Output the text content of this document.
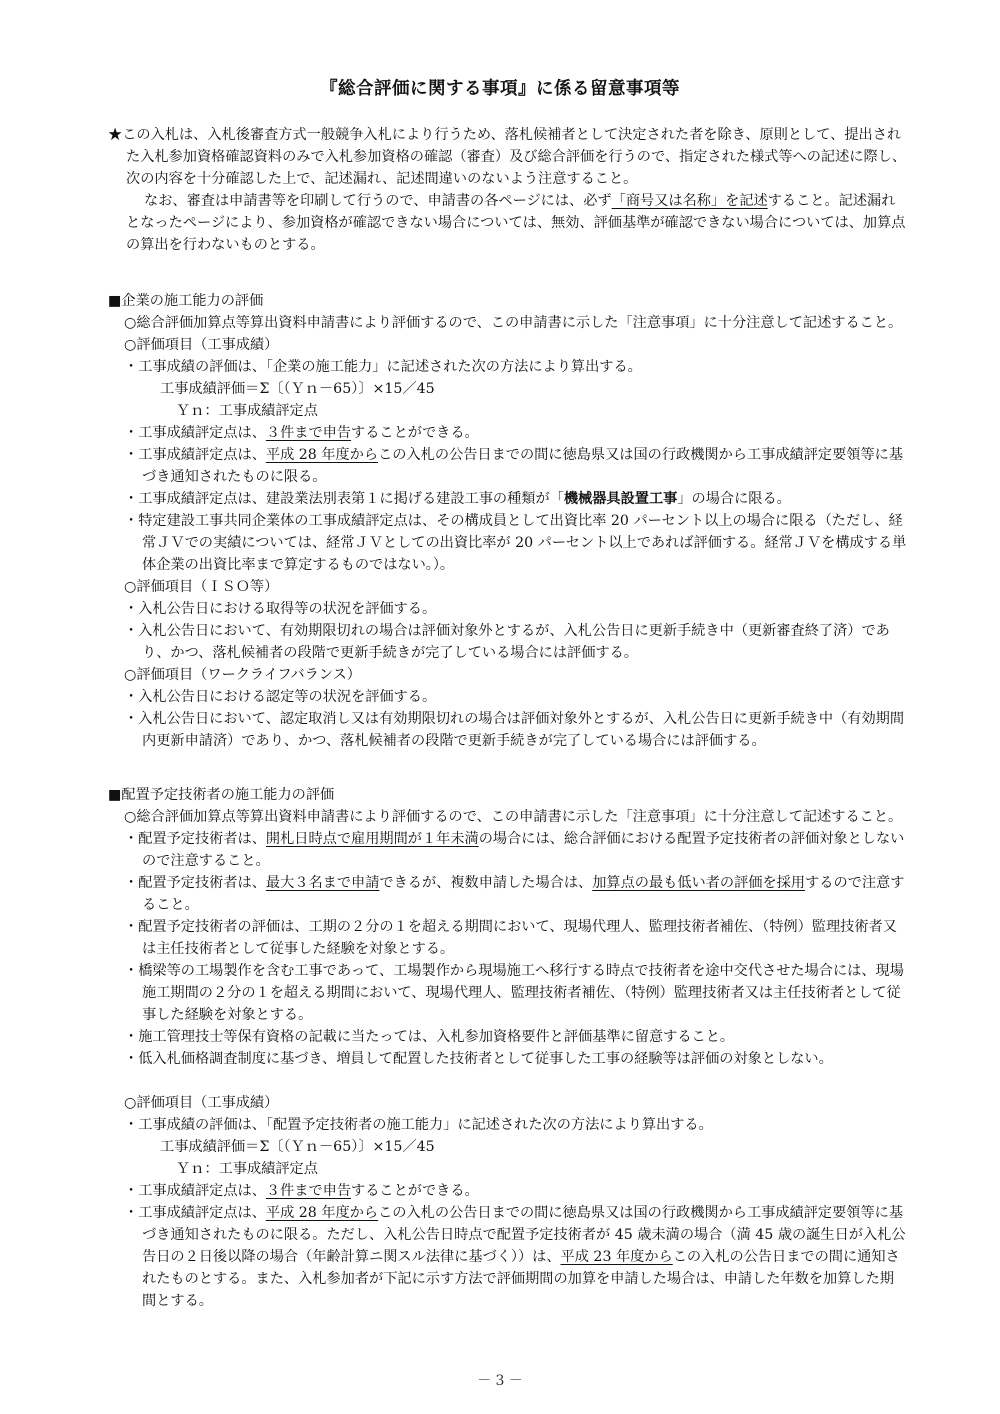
『総合評価に関する事項』に係る留意事項等

★この入札は、入札後審査方式一般競争入札により行うため、落札候補者として決定された者を除き、原則として、提出された入札参加資格確認資料のみで入札参加資格の確認（審査）及び総合評価を行うので、指定された様式等への記述に際し、次の内容を十分確認した上で、記述漏れ、記述間違いのないよう注意すること。

なお、審査は申請書等を印刷して行うので、申請書の各ページには、必ず「商号又は名称」を記述すること。記述漏れとなったページにより、参加資格が確認できない場合については、無効、評価基準が確認できない場合については、加算点の算出を行わないものとする。

■企業の施工能力の評価

○総合評価加算点等算出資料申請書により評価するので、この申請書に示した「注意事項」に十分注意して記述すること。

○評価項目（工事成績）

・工事成績の評価は、「企業の施工能力」に記述された次の方法により算出する。

工事成績評価＝Σ〔（Ｙｎ－65）〕×15／45

Ｙｎ：工事成績評定点

・工事成績評定点は、３件まで申告することができる。

・工事成績評定点は、平成 28 年度からこの入札の公告日までの間に徳島県又は国の行政機関から工事成績評定要領等に基づき通知されたものに限る。

・工事成績評定点は、建設業法別表第１に掲げる建設工事の種類が「機械器具設置工事」の場合に限る。

・特定建設工事共同企業体の工事成績評定点は、その構成員として出資比率 20 パーセント以上の場合に限る（ただし、経常ＪＶでの実績については、経常ＪＶとしての出資比率が 20 パーセント以上であれば評価する。経常ＪＶを構成する単体企業の出資比率まで算定するものではない。）。

○評価項目（ＩＳＯ等）

・入札公告日における取得等の状況を評価する。

・入札公告日において、有効期限切れの場合は評価対象外とするが、入札公告日に更新手続き中（更新審査終了済）であり、かつ、落札候補者の段階で更新手続きが完了している場合には評価する。

○評価項目（ワークライフバランス）

・入札公告日における認定等の状況を評価する。

・入札公告日において、認定取消し又は有効期限切れの場合は評価対象外とするが、入札公告日に更新手続き中（有効期間内更新申請済）であり、かつ、落札候補者の段階で更新手続きが完了している場合には評価する。

■配置予定技術者の施工能力の評価

○総合評価加算点等算出資料申請書により評価するので、この申請書に示した「注意事項」に十分注意して記述すること。

・配置予定技術者は、開札日時点で雇用期間が１年未満の場合には、総合評価における配置予定技術者の評価対象としないので注意すること。

・配置予定技術者は、最大３名まで申請できるが、複数申請した場合は、加算点の最も低い者の評価を採用するので注意すること。

・配置予定技術者の評価は、工期の２分の１を超える期間において、現場代理人、監理技術者補佐、（特例）監理技術者又は主任技術者として従事した経験を対象とする。

・橋梁等の工場製作を含む工事であって、工場製作から現場施工へ移行する時点で技術者を途中交代させた場合には、現場施工期間の２分の１を超える期間において、現場代理人、監理技術者補佐、（特例）監理技術者又は主任技術者として従事した経験を対象とする。

・施工管理技士等保有資格の記載に当たっては、入札参加資格要件と評価基準に留意すること。

・低入札価格調査制度に基づき、増員して配置した技術者として従事した工事の経験等は評価の対象としない。

○評価項目（工事成績）

・工事成績の評価は、「配置予定技術者の施工能力」に記述された次の方法により算出する。

工事成績評価＝Σ〔（Ｙｎ－65）〕×15／45

Ｙｎ：工事成績評定点

・工事成績評定点は、３件まで申告することができる。

・工事成績評定点は、平成 28 年度からこの入札の公告日までの間に徳島県又は国の行政機関から工事成績評定要領等に基づき通知されたものに限る。ただし、入札公告日時点で配置予定技術者が 45 歳未満の場合（満 45 歳の誕生日が入札公告日の２日後以降の場合（年齢計算ニ関スル法律に基づく））は、平成 23 年度からこの入札の公告日までの間に通知されたものとする。また、入札参加者が下記に示す方法で評価期間の加算を申請した場合は、申請した年数を加算した期間とする。

－ 3 －
